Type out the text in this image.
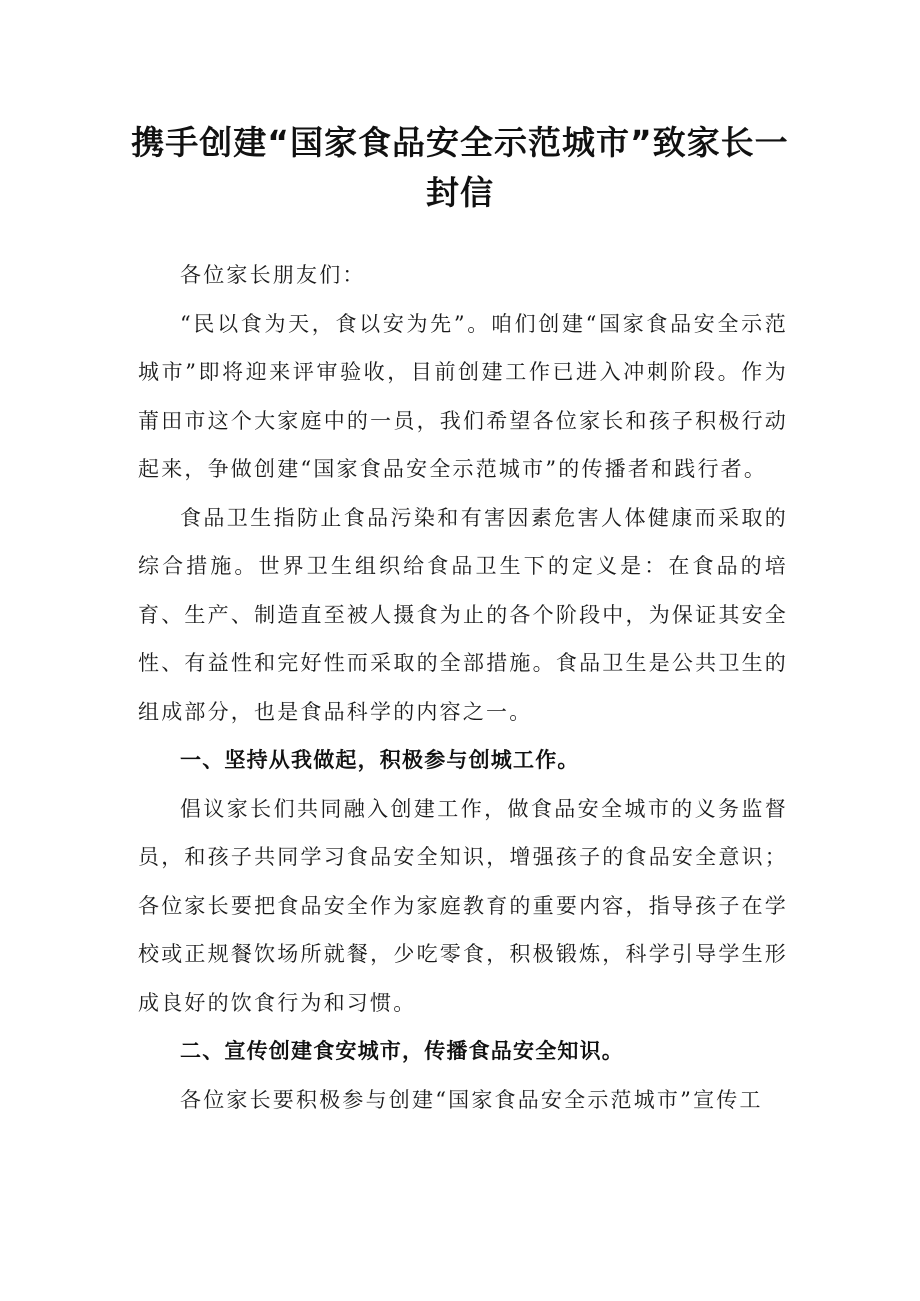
携手创建“国家食品安全示范城市”致家长一封信

各位家长朋友们：

“民以食为天，食以安为先”。咱们创建“国家食品安全示范城市”即将迎来评审验收，目前创建工作已进入冲刺阶段。作为莆田市这个大家庭中的一员，我们希望各位家长和孩子积极行动起来，争做创建“国家食品安全示范城市”的传播者和践行者。

食品卫生指防止食品污染和有害因素危害人体健康而采取的综合措施。世界卫生组织给食品卫生下的定义是：在食品的培育、生产、制造直至被人摄食为止的各个阶段中，为保证其安全性、有益性和完好性而采取的全部措施。食品卫生是公共卫生的组成部分，也是食品科学的内容之一。

一、坚持从我做起，积极参与创城工作。

倡议家长们共同融入创建工作，做食品安全城市的义务监督员，和孩子共同学习食品安全知识，增强孩子的食品安全意识；各位家长要把食品安全作为家庭教育的重要内容，指导孩子在学校或正规餐饮场所就餐，少吃零食，积极锻炼，科学引导学生形成良好的饮食行为和习惯。

二、宣传创建食安城市，传播食品安全知识。

各位家长要积极参与创建“国家食品安全示范城市”宣传工
